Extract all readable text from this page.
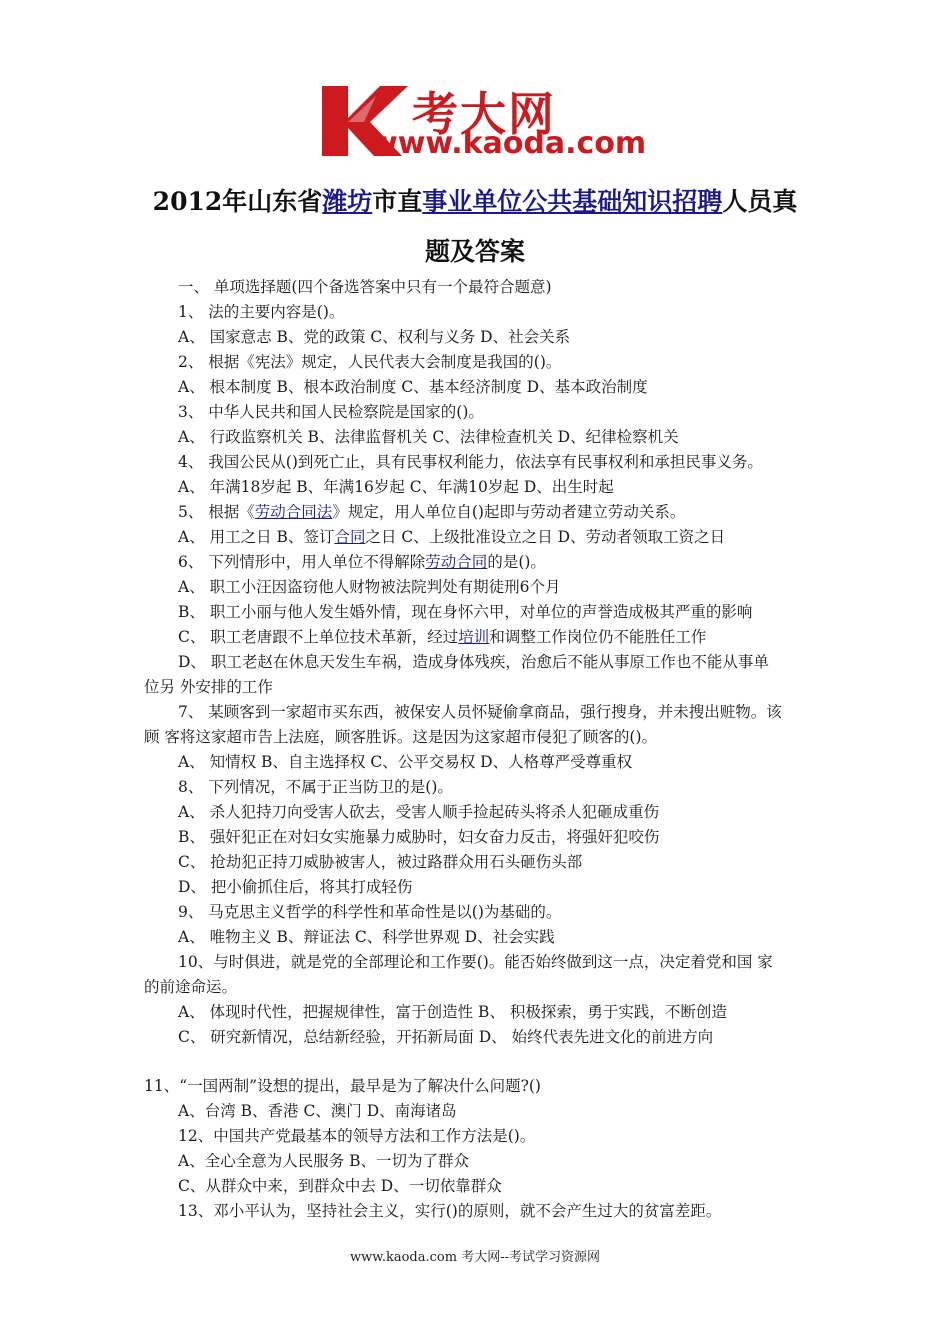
考大网
www.kaoda.com
2012年山东省潍坊市直事业单位公共基础知识招聘人员真
题及答案
一、 单项选择题(四个备选答案中只有一个最符合题意)
1、 法的主要内容是()。
A、 国家意志 B、党的政策 C、权利与义务 D、社会关系
2、 根据《宪法》规定，人民代表大会制度是我国的()。
A、 根本制度 B、根本政治制度 C、基本经济制度 D、基本政治制度
3、 中华人民共和国人民检察院是国家的()。
A、 行政监察机关 B、法律监督机关 C、法律检查机关 D、纪律检察机关
4、 我国公民从()到死亡止，具有民事权利能力，依法享有民事权利和承担民事义务。
A、 年满18岁起 B、年满16岁起 C、年满10岁起 D、出生时起
5、 根据《劳动合同法》规定，用人单位自()起即与劳动者建立劳动关系。
A、 用工之日 B、签订合同之日 C、上级批准设立之日 D、劳动者领取工资之日
6、 下列情形中，用人单位不得解除劳动合同的是()。
A、 职工小汪因盗窃他人财物被法院判处有期徒刑6个月
B、 职工小丽与他人发生婚外情，现在身怀六甲，对单位的声誉造成极其严重的影响
C、 职工老唐跟不上单位技术革新，经过培训和调整工作岗位仍不能胜任工作
D、 职工老赵在休息天发生车祸，造成身体残疾，治愈后不能从事原工作也不能从事单
位另 外安排的工作
7、 某顾客到一家超市买东西，被保安人员怀疑偷拿商品，强行搜身，并未搜出赃物。该
顾 客将这家超市告上法庭，顾客胜诉。这是因为这家超市侵犯了顾客的()。
A、 知情权 B、自主选择权 C、公平交易权 D、人格尊严受尊重权
8、 下列情况，不属于正当防卫的是()。
A、 杀人犯持刀向受害人砍去，受害人顺手捡起砖头将杀人犯砸成重伤
B、 强奸犯正在对妇女实施暴力威胁时，妇女奋力反击，将强奸犯咬伤
C、 抢劫犯正持刀威胁被害人，被过路群众用石头砸伤头部
D、 把小偷抓住后，将其打成轻伤
9、 马克思主义哲学的科学性和革命性是以()为基础的。
A、 唯物主义 B、辩证法 C、科学世界观 D、社会实践
10、与时俱进，就是党的全部理论和工作要()。能否始终做到这一点，决定着党和国 家
的前途命运。
A、 体现时代性，把握规律性，富于创造性 B、 积极探索，勇于实践，不断创造
C、 研究新情况，总结新经验，开拓新局面 D、 始终代表先进文化的前进方向
11、“一国两制”设想的提出，最早是为了解决什么问题?()
A、台湾 B、香港 C、澳门 D、南海诸岛
12、中国共产党最基本的领导方法和工作方法是()。
A、全心全意为人民服务 B、一切为了群众
C、从群众中来，到群众中去 D、一切依靠群众
13、邓小平认为，坚持社会主义，实行()的原则，就不会产生过大的贫富差距。
www.kaoda.com 考大网--考试学习资源网
